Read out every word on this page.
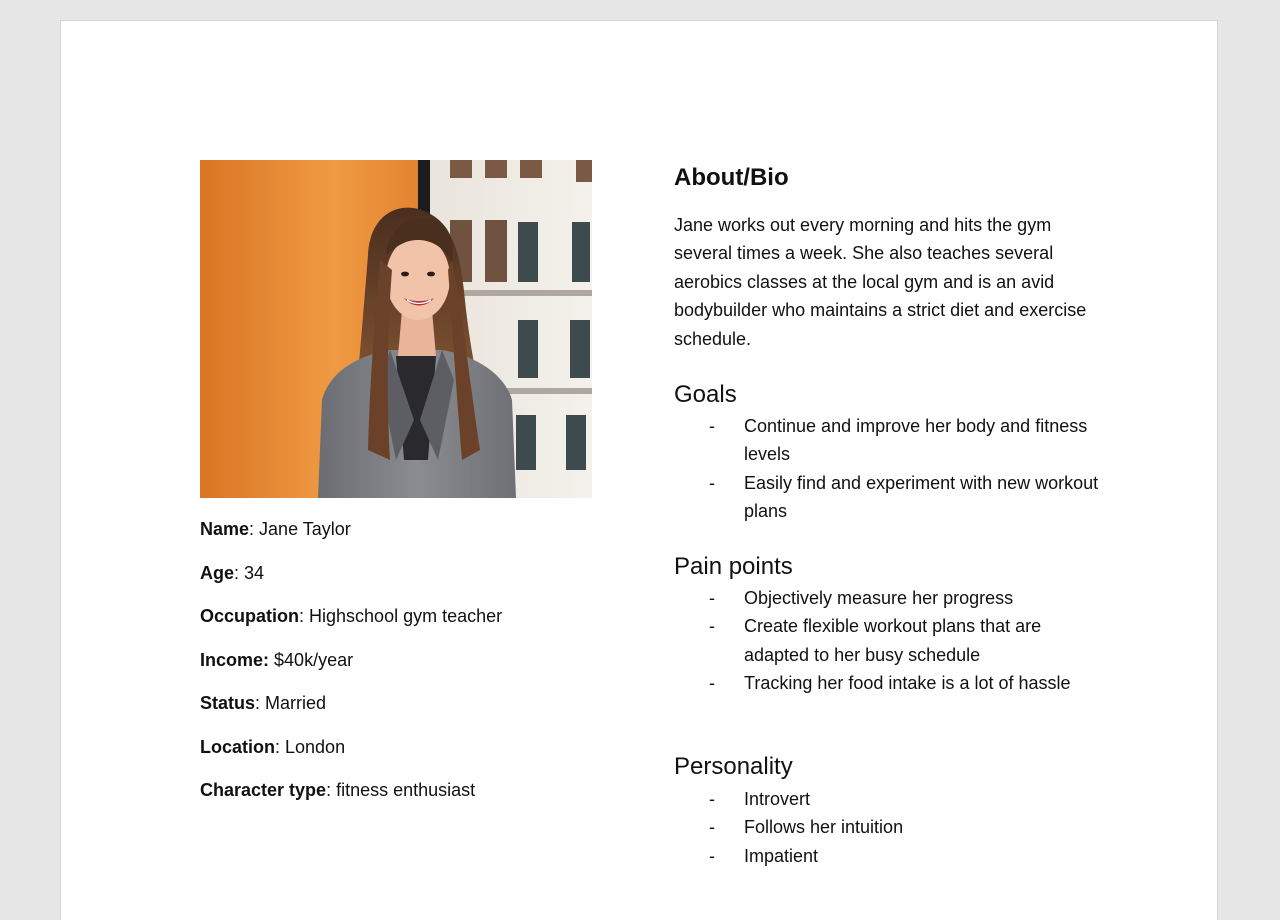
Name: Jane Taylor
Age: 34
Occupation: Highschool gym teacher
Income: $40k/year
Status: Married
Location: London
Character type: fitness enthusiast
About/Bio

Jane works out every morning and hits the gym several times a week. She also teaches several aerobics classes at the local gym and is an avid bodybuilder who maintains a strict diet and exercise schedule.

Goals
- Continue and improve her body and fitness levels
- Easily find and experiment with new workout plans
Pain points
- Objectively measure her progress
- Create flexible workout plans that are adapted to her busy schedule
- Tracking her food intake is a lot of hassle
Personality
- Introvert
- Follows her intuition
- Impatient
